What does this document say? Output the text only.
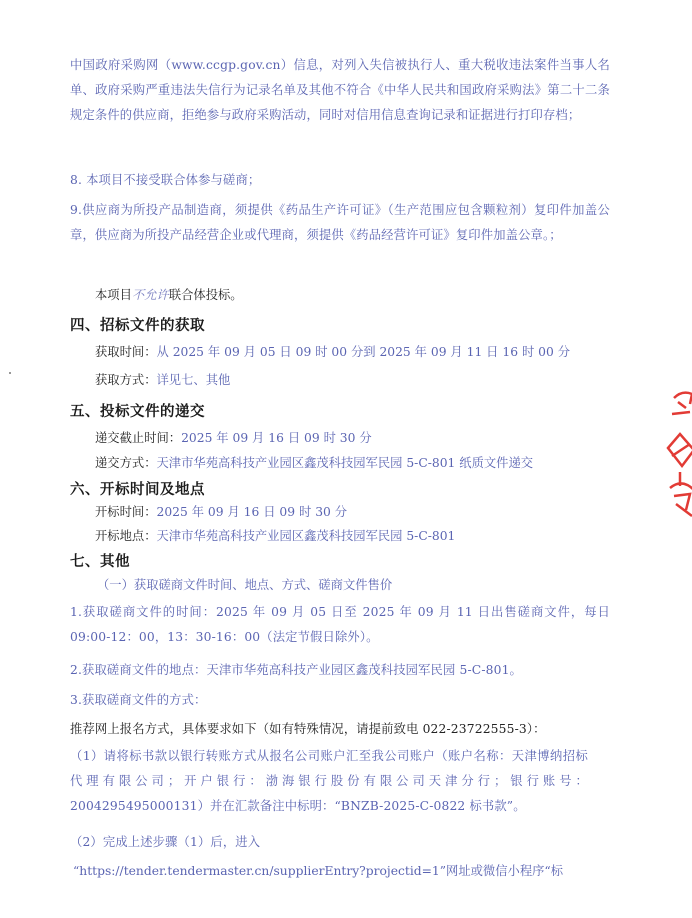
中国政府采购网（www.ccgp.gov.cn）信息，对列入失信被执行人、重大税收违法案件当事人名单、政府采购严重违法失信行为记录名单及其他不符合《中华人民共和国政府采购法》第二十二条规定条件的供应商，拒绝参与政府采购活动，同时对信用信息查询记录和证据进行打印存档；
8. 本项目不接受联合体参与磋商；
9.供应商为所投产品制造商，须提供《药品生产许可证》（生产范围应包含颗粒剂）复印件加盖公章，供应商为所投产品经营企业或代理商，须提供《药品经营许可证》复印件加盖公章。；
本项目不允许联合体投标。
四、招标文件的获取
获取时间：从 2025 年 09 月 05 日 09 时 00 分到 2025 年 09 月 11 日 16 时 00 分
获取方式：详见七、其他
五、投标文件的递交
递交截止时间：2025 年 09 月 16 日 09 时 30 分
递交方式：天津市华苑高科技产业园区鑫茂科技园军民园 5-C-801 纸质文件递交
六、开标时间及地点
开标时间：2025 年 09 月 16 日 09 时 30 分
开标地点：天津市华苑高科技产业园区鑫茂科技园军民园 5-C-801
七、其他
（一）获取磋商文件时间、地点、方式、磋商文件售价
1.获取磋商文件的时间：2025 年 09 月 05 日至 2025 年 09 月 11 日出售磋商文件，每日 09:00-12：00，13：30-16：00（法定节假日除外）。
2.获取磋商文件的地点：天津市华苑高科技产业园区鑫茂科技园军民园 5-C-801。
3.获取磋商文件的方式：
推荐网上报名方式，具体要求如下（如有特殊情况，请提前致电 022-23722555-3）：
（1）请将标书款以银行转账方式从报名公司账户汇至我公司账户（账户名称：天津博纳招标代理有限公司；开户银行：渤海银行股份有限公司天津分行；银行账号：2004295495000131）并在汇款备注中标明：“BNZB-2025-C-0822 标书款”。
（2）完成上述步骤（1）后，进入
“https://tender.tendermaster.cn/supplierEntry?projectid=1”网址或微信小程序“标
